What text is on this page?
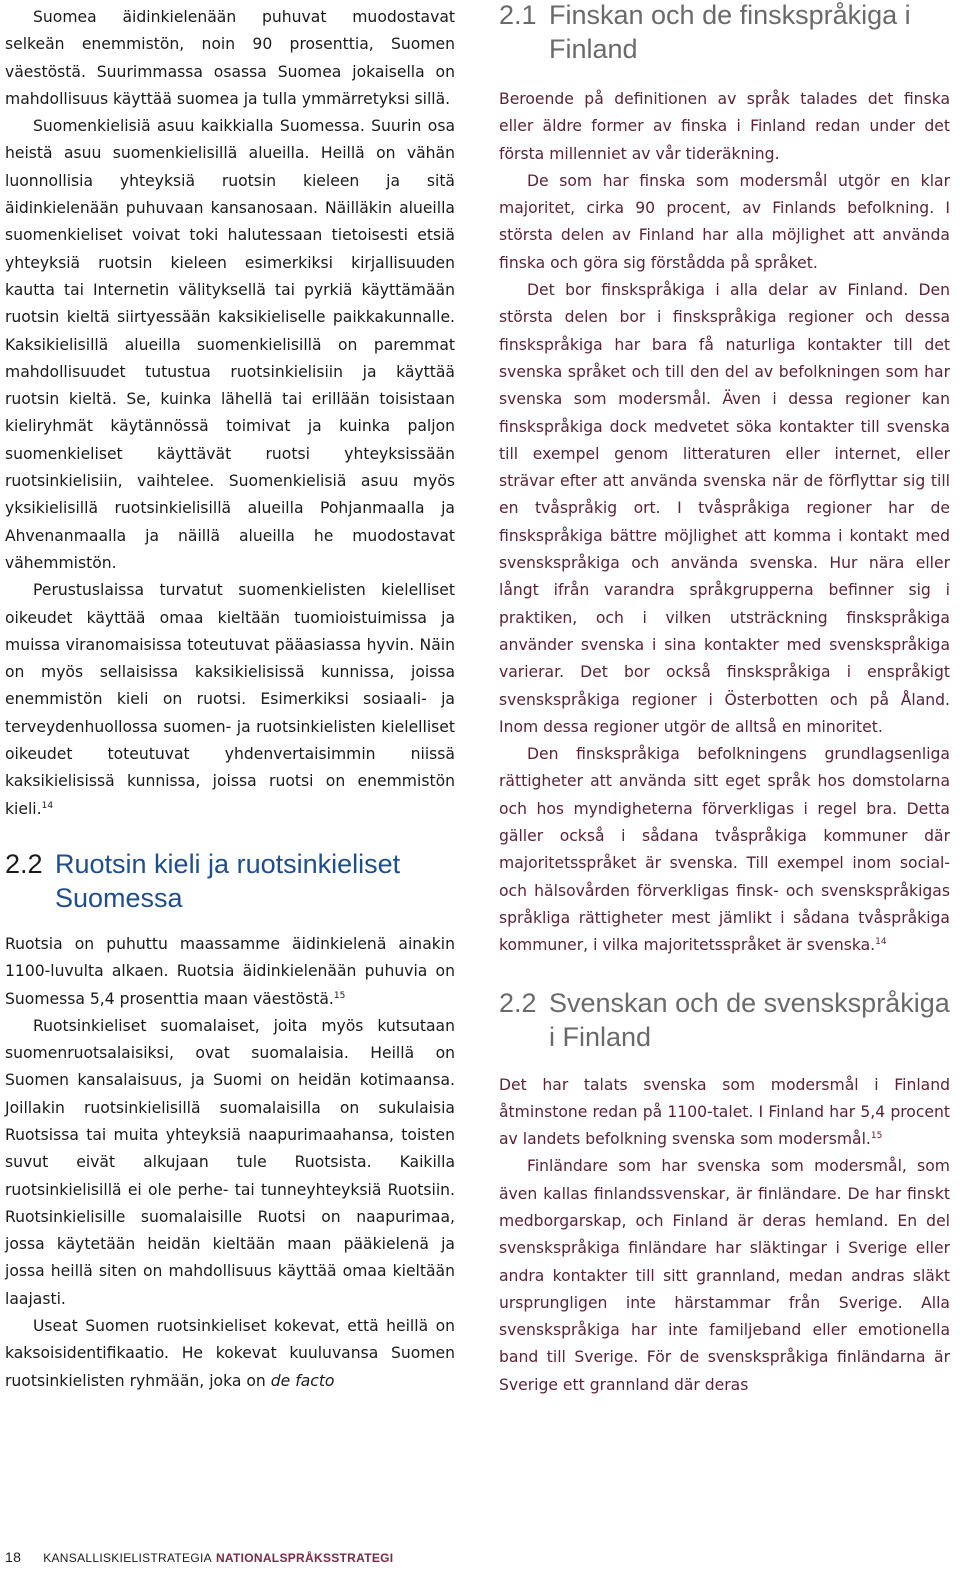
Suomea äidinkielenään puhuvat muodostavat selkeän enemmistön, noin 90 prosenttia, Suomen väestöstä. Suurimmassa osassa Suomea jokaisella on mahdollisuus käyttää suomea ja tulla ymmärretyksi sillä.

Suomenkielisiä asuu kaikkialla Suomessa. Suurin osa heistä asuu suomenkielisillä alueilla. Heillä on vähän luonnollisia yhteyksiä ruotsin kieleen ja sitä äidinkielenään puhuvaan kansanosaan. Näilläkin alueilla suomenkieliset voivat toki halutessaan tietoisesti etsiä yhteyksiä ruotsin kieleen esimerkiksi kirjallisuuden kautta tai Internetin välityksellä tai pyrkiä käyttämään ruotsin kieltä siirtyessään kaksikieliselle paikkakunnalle. Kaksikielisillä alueilla suomenkielisillä on paremmat mahdollisuudet tutustua ruotsinkielisiin ja käyttää ruotsin kieltä. Se, kuinka lähellä tai erillään toisistaan kieliryhmät käytännössä toimivat ja kuinka paljon suomenkieliset käyttävät ruotsi yhteyksissään ruotsinkielisiin, vaihtelee. Suomenkielisiä asuu myös yksikielisillä ruotsinkielisillä alueilla Pohjanmaalla ja Ahvenanmaalla ja näillä alueilla he muodostavat vähemmistön.

Perustuslaissa turvatut suomenkielisten kielelliset oikeudet käyttää omaa kieltään tuomioistuimissa ja muissa viranomaisissa toteutuvat pääasiassa hyvin. Näin on myös sellaisissa kaksikielisissä kunnissa, joissa enemmistön kieli on ruotsi. Esimerkiksi sosiaali- ja terveydenhuollossa suomen- ja ruotsinkielisten kielelliset oikeudet toteutuvat yhdenvertaisimmin niissä kaksikielisissä kunnissa, joissa ruotsi on enemmistön kieli.$^{14}$

2.2 Ruotsin kieli ja ruotsinkieliset Suomessa

Ruotsia on puhuttu maassamme äidinkielenä ainakin 1100-luvulta alkaen. Ruotsia äidinkielenään puhuvia on Suomessa 5,4 prosenttia maan väestöstä.$^{15}$

Ruotsinkieliset suomalaiset, joita myös kutsutaan suomenruotsalaisiksi, ovat suomalaisia. Heillä on Suomen kansalaisuus, ja Suomi on heidän kotimaansa. Joillakin ruotsinkielisillä suomalaisilla on sukulaisia Ruotsissa tai muita yhteyksiä naapurimaahansa, toisten suvut eivät alkujaan tule Ruotsista. Kaikilla ruotsinkielisillä ei ole perhe- tai tunneyhteyksiä Ruotsiin. Ruotsinkielisille suomalaisille Ruotsi on naapurimaa, jossa käytetään heidän kieltään maan pääkielenä ja jossa heillä siten on mahdollisuus käyttää omaa kieltään laajasti.

Useat Suomen ruotsinkieliset kokevat, että heillä on kaksoisidentifikaatio. He kokevat kuuluvansa Suomen ruotsinkielisten ryhmään, joka on de facto

2.1 Finskan och de finskspråkiga i Finland

Beroende på definitionen av språk talades det finska eller äldre former av finska i Finland redan under det första millenniet av vår tideräkning.

De som har finska som modersmål utgör en klar majoritet, cirka 90 procent, av Finlands befolkning. I största delen av Finland har alla möjlighet att använda finska och göra sig förstådda på språket.

Det bor finskspråkiga i alla delar av Finland. Den största delen bor i finskspråkiga regioner och dessa finskspråkiga har bara få naturliga kontakter till det svenska språket och till den del av befolkningen som har svenska som modersmål. Även i dessa regioner kan finskspråkiga dock medvetet söka kontakter till svenska till exempel genom litteraturen eller internet, eller strävar efter att använda svenska när de förflyttar sig till en tvåspråkig ort. I tvåspråkiga regioner har de finskspråkiga bättre möjlighet att komma i kontakt med svenskspråkiga och använda svenska. Hur nära eller långt ifrån varandra språkgrupperna befinner sig i praktiken, och i vilken utsträckning finskspråkiga använder svenska i sina kontakter med svenskspråkiga varierar. Det bor också finskspråkiga i enspråkigt svenskspråkiga regioner i Österbotten och på Åland. Inom dessa regioner utgör de alltså en minoritet.

Den finskspråkiga befolkningens grundlagsenliga rättigheter att använda sitt eget språk hos domstolarna och hos myndigheterna förverkligas i regel bra. Detta gäller också i sådana tvåspråkiga kommuner där majoritetsspråket är svenska. Till exempel inom social- och hälsovården förverkligas finsk- och svenskspråkigas språkliga rättigheter mest jämlikt i sådana tvåspråkiga kommuner, i vilka majoritetsspråket är svenska.$^{14}$

2.2 Svenskan och de svenskspråkiga i Finland

Det har talats svenska som modersmål i Finland åtminstone redan på 1100-talet. I Finland har 5,4 procent av landets befolkning svenska som modersmål.$^{15}$

Finländare som har svenska som modersmål, som även kallas finlandssvenskar, är finländare. De har finskt medborgarskap, och Finland är deras hemland. En del svenskspråkiga finländare har släktingar i Sverige eller andra kontakter till sitt grannland, medan andras släkt ursprungligen inte härstammar från Sverige. Alla svenskspråkiga har inte familjeband eller emotionella band till Sverige. För de svenskspråkiga finländarna är Sverige ett grannland där deras

18 KANSALLISKIELISTRATEGIA NATIONALSPRÅKSSTRATEGI
